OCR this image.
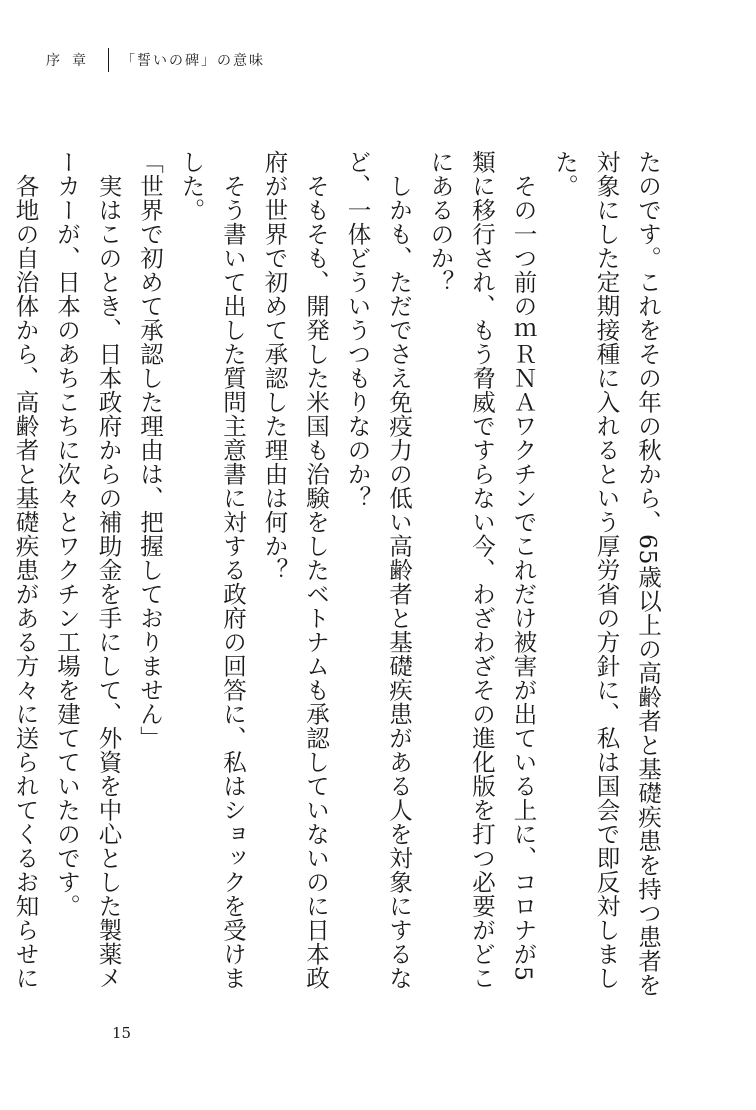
序章 「誓いの碑」の意味

たのです。これをその年の秋から、65歳以上の高齢者と基礎疾患を持つ患者を対象にした定期接種に入れるという厚労省の方針に、私は国会で即反対しました。

その一つ前のｍＲＮＡワクチンでこれだけ被害が出ている上に、コロナが5類に移行され、もう脅威ですらない今、わざわざその進化版を打つ必要がどこにあるのか？

しかも、ただでさえ免疫力の低い高齢者と基礎疾患がある人を対象にするなど、一体どういうつもりなのか？

そもそも、開発した米国も治験をしたベトナムも承認していないのに日本政府が世界で初めて承認した理由は何か？

そう書いて出した質問主意書に対する政府の回答に、私はショックを受けました。

「世界で初めて承認した理由は、把握しておりません」

実はこのとき、日本政府からの補助金を手にして、外資を中心とした製薬メーカーが、日本のあちこちに次々とワクチン工場を建てていたのです。

各地の自治体から、高齢者と基礎疾患がある方々に送られてくるお知らせに

15
